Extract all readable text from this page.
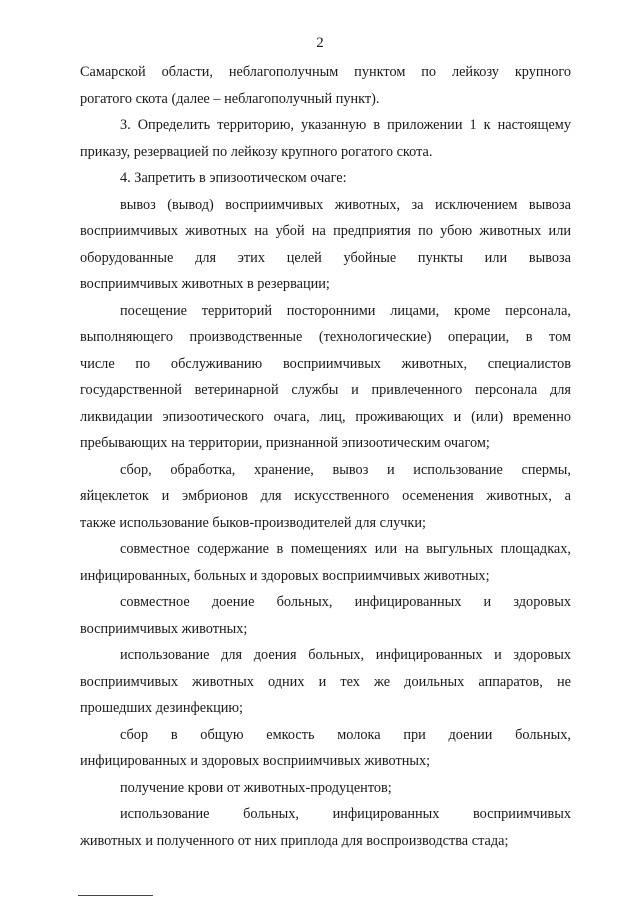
2
Самарской области, неблагополучным пунктом по лейкозу крупного
рогатого скота (далее – неблагополучный пункт).
3. Определить территорию, указанную в приложении 1 к настоящему
приказу, резервацией по лейкозу крупного рогатого скота.
4. Запретить в эпизоотическом очаге:
вывоз (вывод) восприимчивых животных, за исключением вывоза
восприимчивых животных на убой на предприятия по убою животных или
оборудованные для этих целей убойные пункты или вывоза
восприимчивых животных в резервации;
посещение территорий посторонними лицами, кроме персонала,
выполняющего производственные (технологические) операции, в том
числе по обслуживанию восприимчивых животных, специалистов
государственной ветеринарной службы и привлеченного персонала для
ликвидации эпизоотического очага, лиц, проживающих и (или) временно
пребывающих на территории, признанной эпизоотическим очагом;
сбор, обработка, хранение, вывоз и использование спермы,
яйцеклеток и эмбрионов для искусственного осеменения животных, а
также использование быков-производителей для случки;
совместное содержание в помещениях или на выгульных площадках,
инфицированных, больных и здоровых восприимчивых животных;
совместное доение больных, инфицированных и здоровых
восприимчивых животных;
использование для доения больных, инфицированных и здоровых
восприимчивых животных одних и тех же доильных аппаратов, не
прошедших дезинфекцию;
сбор в общую емкость молока при доении больных,
инфицированных и здоровых восприимчивых животных;
получение крови от животных-продуцентов;
использование больных, инфицированных восприимчивых
животных и полученного от них приплода для воспроизводства стада;
